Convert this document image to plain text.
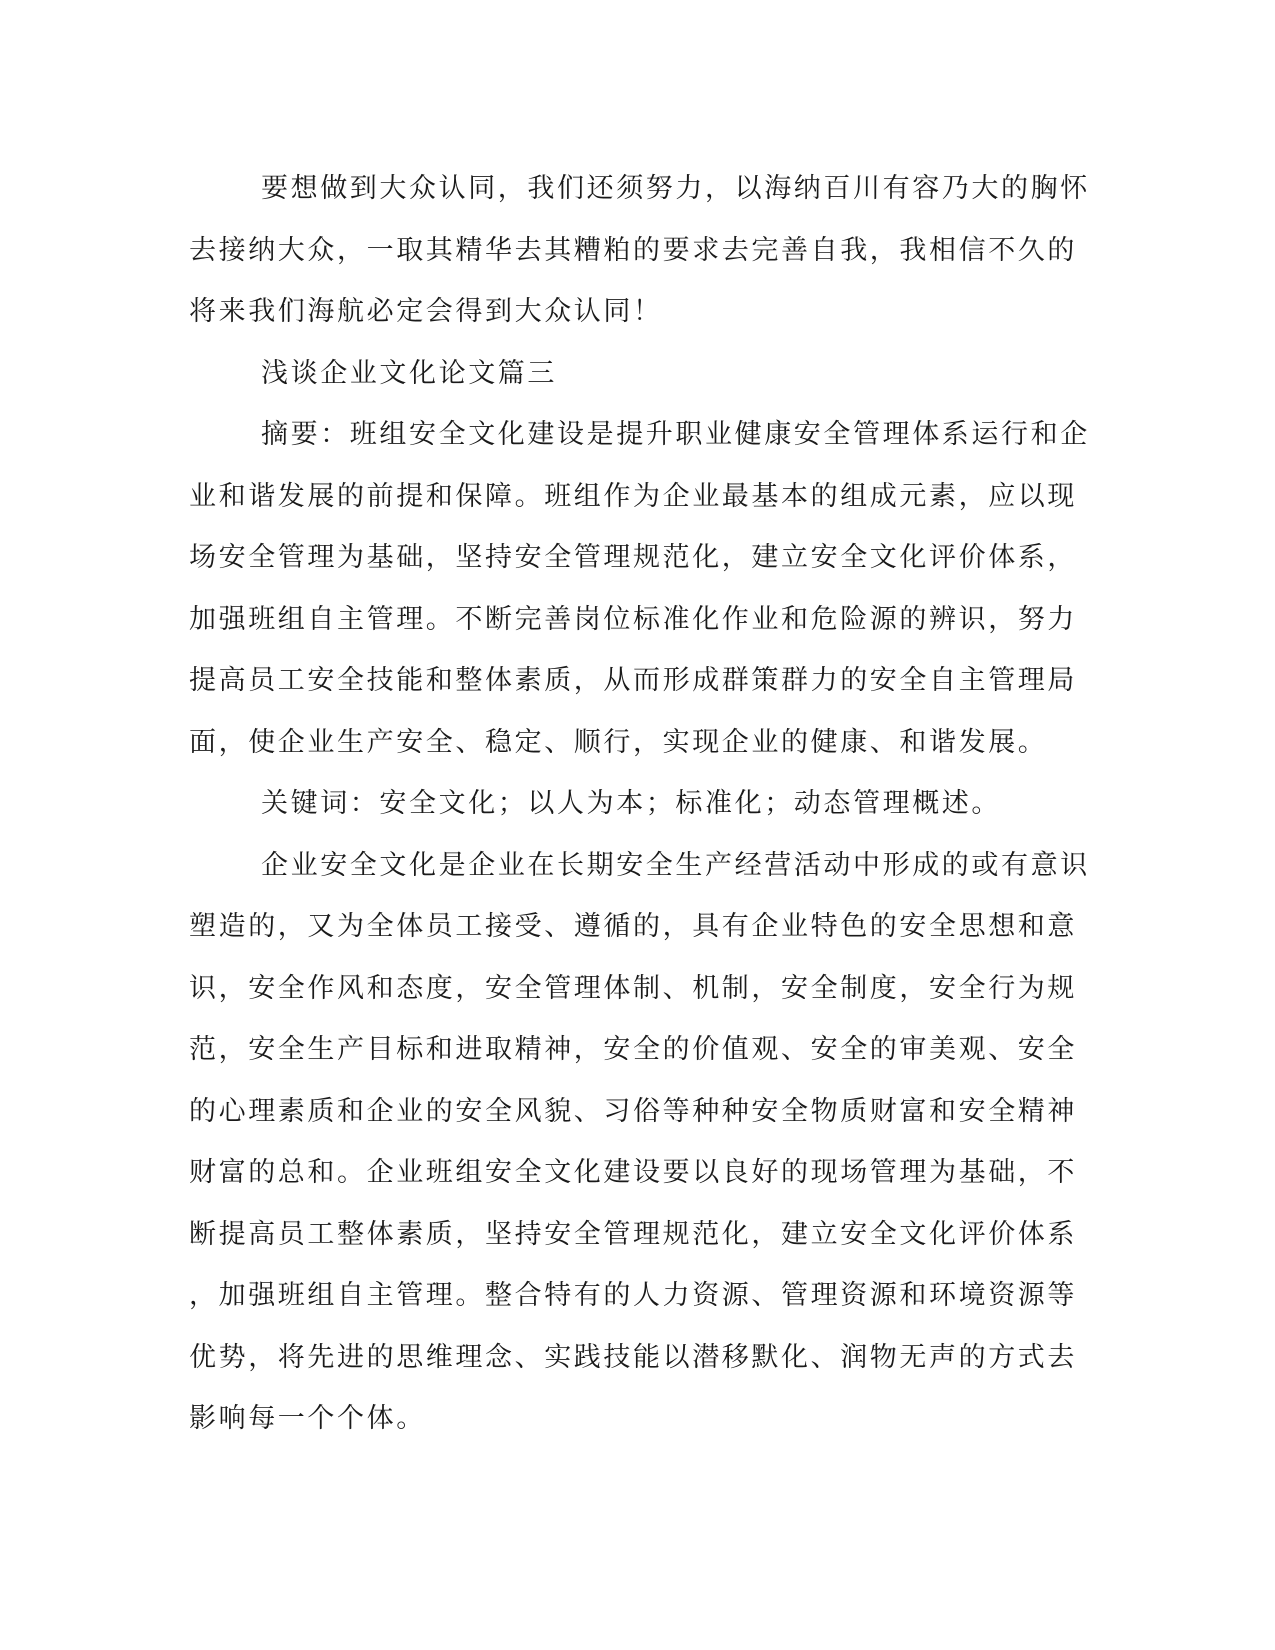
要想做到大众认同，我们还须努力，以海纳百川有容乃大的胸怀
去接纳大众，一取其精华去其糟粕的要求去完善自我，我相信不久的
将来我们海航必定会得到大众认同！
浅谈企业文化论文篇三
摘要：班组安全文化建设是提升职业健康安全管理体系运行和企
业和谐发展的前提和保障。班组作为企业最基本的组成元素，应以现
场安全管理为基础，坚持安全管理规范化，建立安全文化评价体系，
加强班组自主管理。不断完善岗位标准化作业和危险源的辨识，努力
提高员工安全技能和整体素质，从而形成群策群力的安全自主管理局
面，使企业生产安全、稳定、顺行，实现企业的健康、和谐发展。
关键词：安全文化；以人为本；标准化；动态管理概述。
企业安全文化是企业在长期安全生产经营活动中形成的或有意识
塑造的，又为全体员工接受、遵循的，具有企业特色的安全思想和意
识，安全作风和态度，安全管理体制、机制，安全制度，安全行为规
范，安全生产目标和进取精神，安全的价值观、安全的审美观、安全
的心理素质和企业的安全风貌、习俗等种种安全物质财富和安全精神
财富的总和。企业班组安全文化建设要以良好的现场管理为基础，不
断提高员工整体素质，坚持安全管理规范化，建立安全文化评价体系
，加强班组自主管理。整合特有的人力资源、管理资源和环境资源等
优势，将先进的思维理念、实践技能以潜移默化、润物无声的方式去
影响每一个个体。
